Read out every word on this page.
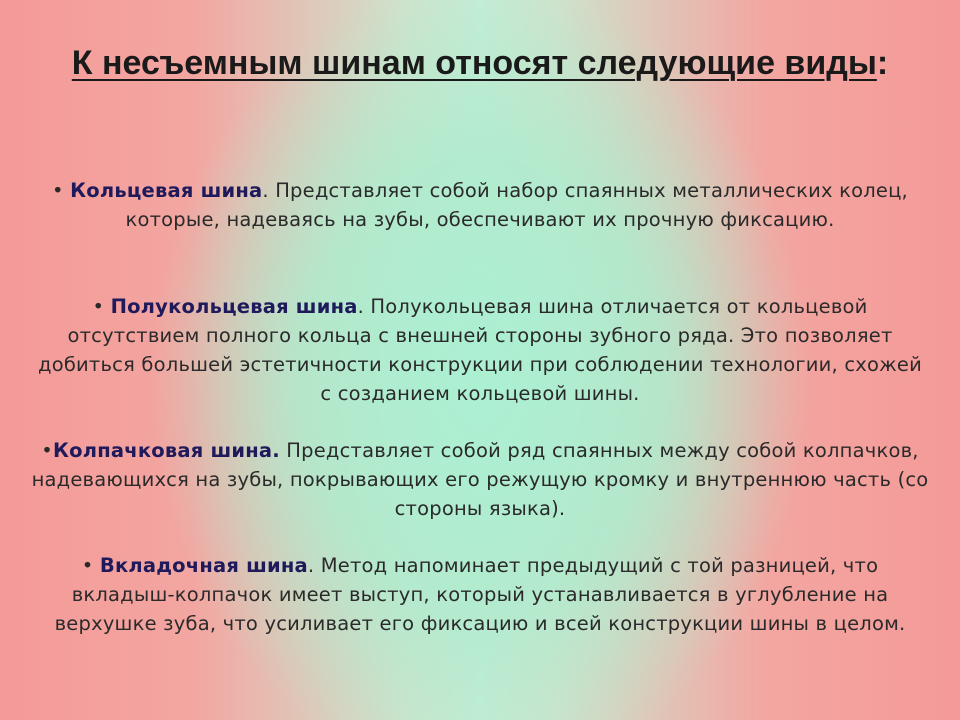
К несъемным шинам относят следующие виды:
• Кольцевая шина. Представляет собой набор спаянных металлических колец, которые, надеваясь на зубы, обеспечивают их прочную фиксацию.
• Полукольцевая шина. Полукольцевая шина отличается от кольцевой отсутствием полного кольца с внешней стороны зубного ряда. Это позволяет добиться большей эстетичности конструкции при соблюдении технологии, схожей с созданием кольцевой шины.
•Колпачковая шина. Представляет собой ряд спаянных между собой колпачков, надевающихся на зубы, покрывающих его режущую кромку и внутреннюю часть (со стороны языка).
• Вкладочная шина. Метод напоминает предыдущий с той разницей, что вкладыш-колпачок имеет выступ, который устанавливается в углубление на верхушке зуба, что усиливает его фиксацию и всей конструкции шины в целом.
